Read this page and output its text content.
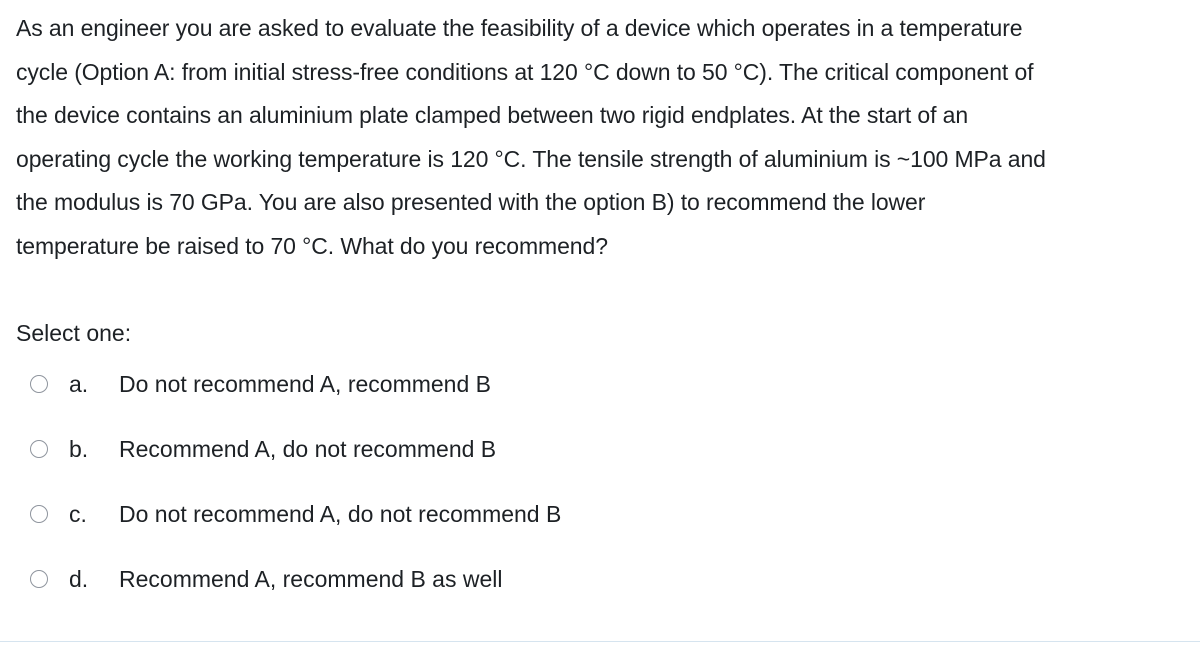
As an engineer you are asked to evaluate the feasibility of a device which operates in a temperature
cycle (Option A: from initial stress-free conditions at 120 °C down to 50 °C). The critical component of
the device contains an aluminium plate clamped between two rigid endplates. At the start of an
operating cycle the working temperature is 120 °C. The tensile strength of aluminium is ~100 MPa and
the modulus is 70 GPa. You are also presented with the option B) to recommend the lower
temperature be raised to 70 °C. What do you recommend?
Select one:
a.	Do not recommend A, recommend B
b.	Recommend A, do not recommend B
c.	Do not recommend A, do not recommend B
d.	Recommend A, recommend B as well
